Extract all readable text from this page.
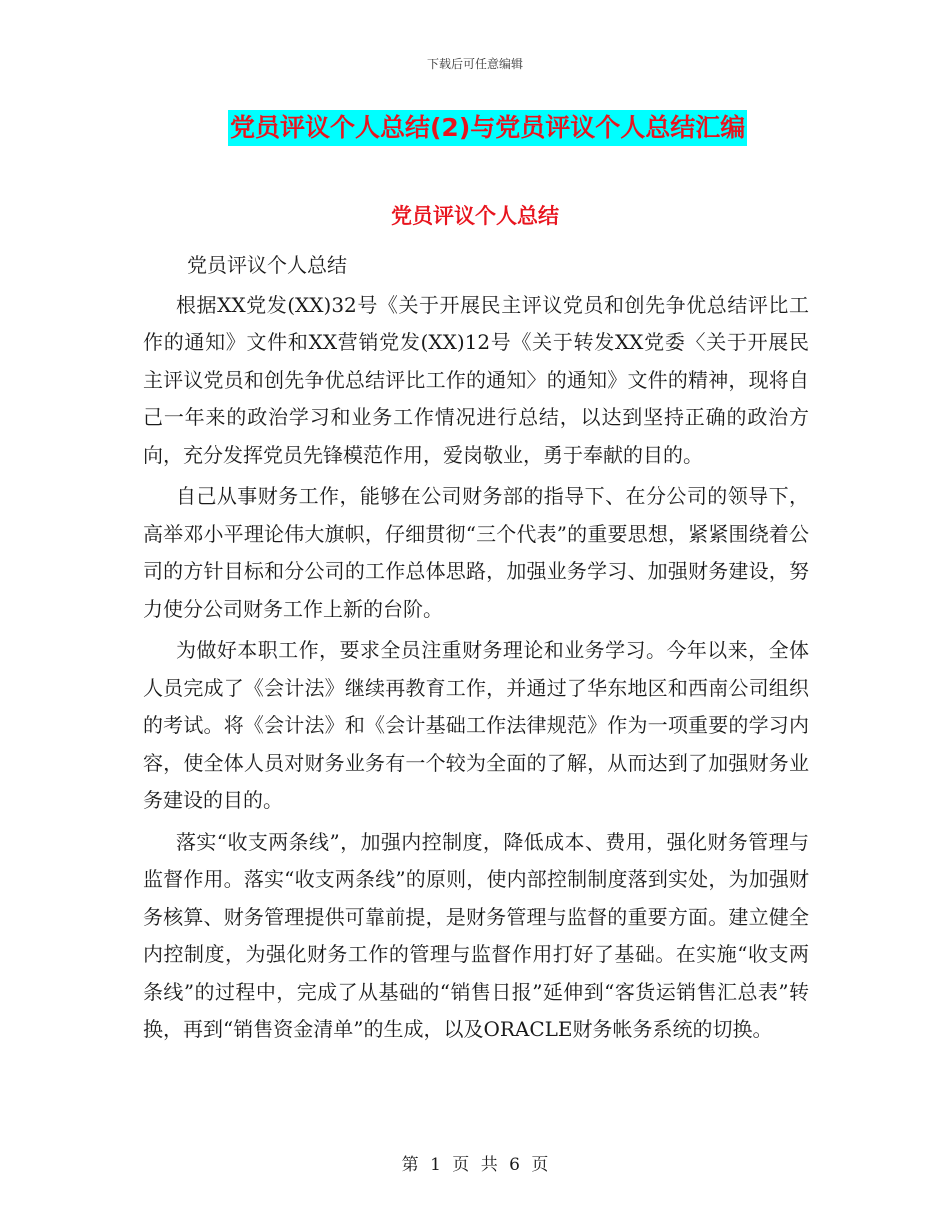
下载后可任意编辑
党员评议个人总结(2)与党员评议个人总结汇编
党员评议个人总结

党员评议个人总结

根据XX党发(XX)32号《关于开展民主评议党员和创先争优总结评比工作的通知》文件和XX营销党发(XX)12号《关于转发XX党委〈关于开展民主评议党员和创先争优总结评比工作的通知〉的通知》文件的精神，现将自己一年来的政治学习和业务工作情况进行总结，以达到坚持正确的政治方向，充分发挥党员先锋模范作用，爱岗敬业，勇于奉献的目的。

自己从事财务工作，能够在公司财务部的指导下、在分公司的领导下，高举邓小平理论伟大旗帜，仔细贯彻“三个代表”的重要思想，紧紧围绕着公司的方针目标和分公司的工作总体思路，加强业务学习、加强财务建设，努力使分公司财务工作上新的台阶。

为做好本职工作，要求全员注重财务理论和业务学习。今年以来，全体人员完成了《会计法》继续再教育工作，并通过了华东地区和西南公司组织的考试。将《会计法》和《会计基础工作法律规范》作为一项重要的学习内容，使全体人员对财务业务有一个较为全面的了解，从而达到了加强财务业务建设的目的。

落实“收支两条线”，加强内控制度，降低成本、费用，强化财务管理与监督作用。落实“收支两条线”的原则，使内部控制制度落到实处，为加强财务核算、财务管理提供可靠前提，是财务管理与监督的重要方面。建立健全内控制度，为强化财务工作的管理与监督作用打好了基础。在实施“收支两条线”的过程中，完成了从基础的“销售日报”延伸到“客货运销售汇总表”转换，再到“销售资金清单”的生成，以及ORACLE财务帐务系统的切换。

第 1 页 共 6 页
